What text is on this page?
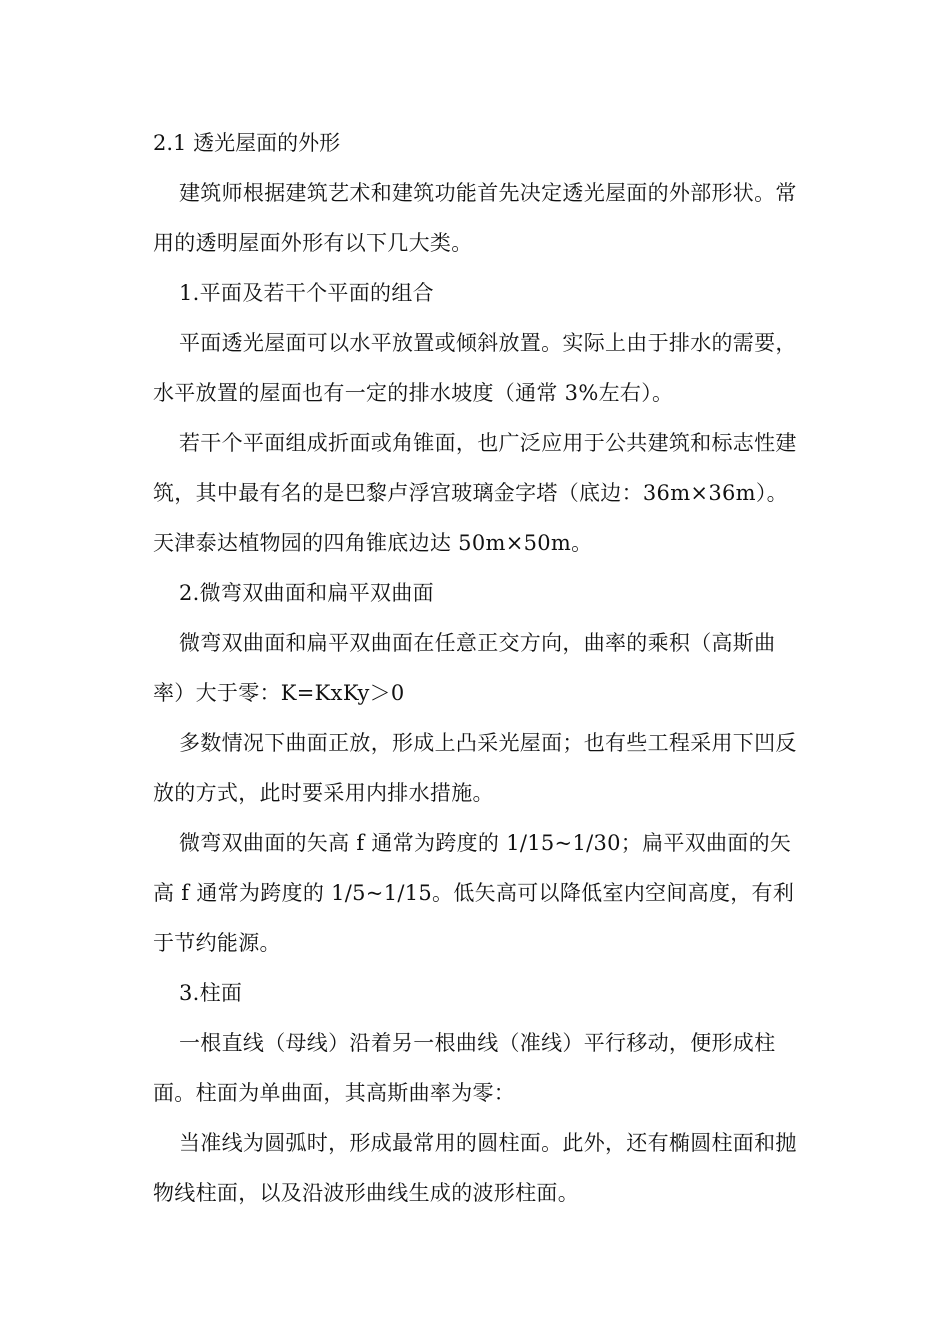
2.1 透光屋面的外形

建筑师根据建筑艺术和建筑功能首先决定透光屋面的外部形状。常用的透明屋面外形有以下几大类。

1.平面及若干个平面的组合

平面透光屋面可以水平放置或倾斜放置。实际上由于排水的需要，水平放置的屋面也有一定的排水坡度（通常 3%左右）。

若干个平面组成折面或角锥面，也广泛应用于公共建筑和标志性建筑，其中最有名的是巴黎卢浮宫玻璃金字塔（底边：36m×36m）。天津泰达植物园的四角锥底边达 50m×50m。

2.微弯双曲面和扁平双曲面

微弯双曲面和扁平双曲面在任意正交方向，曲率的乘积（高斯曲率）大于零：K=KxKy＞0

多数情况下曲面正放，形成上凸采光屋面；也有些工程采用下凹反放的方式，此时要采用内排水措施。

微弯双曲面的矢高 f 通常为跨度的 1/15~1/30；扁平双曲面的矢高 f 通常为跨度的 1/5~1/15。低矢高可以降低室内空间高度，有利于节约能源。

3.柱面

一根直线（母线）沿着另一根曲线（准线）平行移动，便形成柱面。柱面为单曲面，其高斯曲率为零：

当准线为圆弧时，形成最常用的圆柱面。此外，还有椭圆柱面和抛物线柱面，以及沿波形曲线生成的波形柱面。
